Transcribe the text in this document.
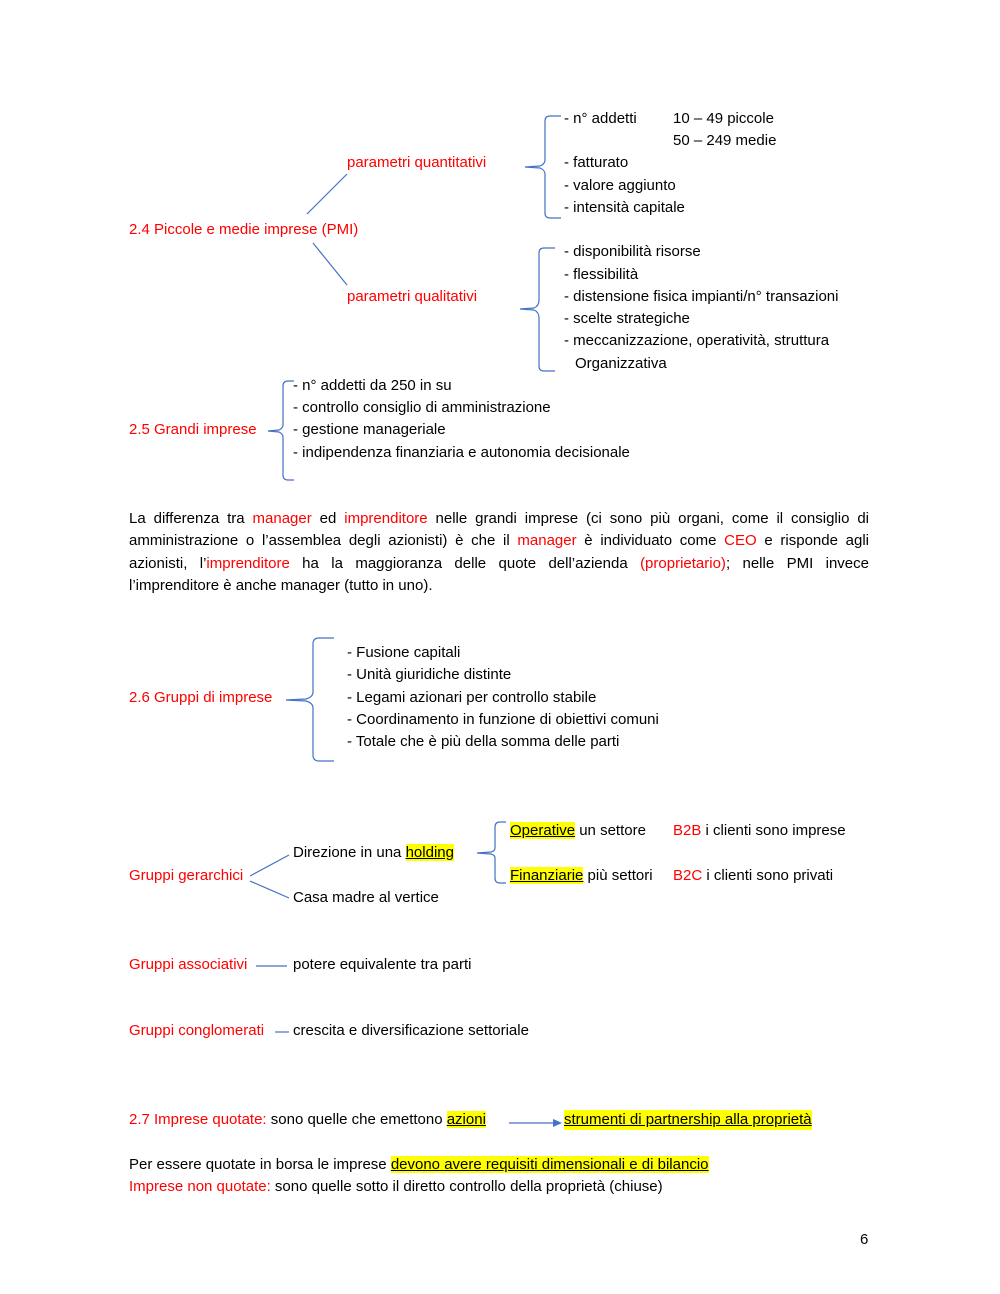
parametri quantitativi
- n° addetti 10 – 49 piccole
50 – 249 medie
- fatturato
- valore aggiunto
- intensità capitale
2.4 Piccole e medie imprese (PMI)
- disponibilità risorse
- flessibilità
parametri qualitativi	- distensione fisica impianti/n° transazioni
- scelte strategiche
- meccanizzazione, operatività, struttura
Organizzativa
- n° addetti da 250 in su
- controllo consiglio di amministrazione
2.5 Grandi imprese - gestione manageriale
- indipendenza finanziaria e autonomia decisionale

La differenza tra manager ed imprenditore nelle grandi imprese (ci sono più organi, come il consiglio di amministrazione o l’assemblea degli azionisti) è che il manager è individuato come CEO e risponde agli azionisti, l’imprenditore ha la maggioranza delle quote dell’azienda (proprietario); nelle PMI invece l’imprenditore è anche manager (tutto in uno).

- Fusione capitali
- Unità giuridiche distinte
2.6 Gruppi di imprese	- Legami azionari per controllo stabile
- Coordinamento in funzione di obiettivi comuni
- Totale che è più della somma delle parti
Operative un settore B2B i clienti sono imprese
Direzione in una holding
Gruppi gerarchici	Finanziarie più settori B2C i clienti sono privati
Casa madre al vertice
Gruppi associativi	potere equivalente tra parti
Gruppi conglomerati crescita e diversificazione settoriale
2.7 Imprese quotate: sono quelle che emettono azioni	strumenti di partnership alla proprietà
Per essere quotate in borsa le imprese devono avere requisiti dimensionali e di bilancio
Imprese non quotate: sono quelle sotto il diretto controllo della proprietà (chiuse)
6
